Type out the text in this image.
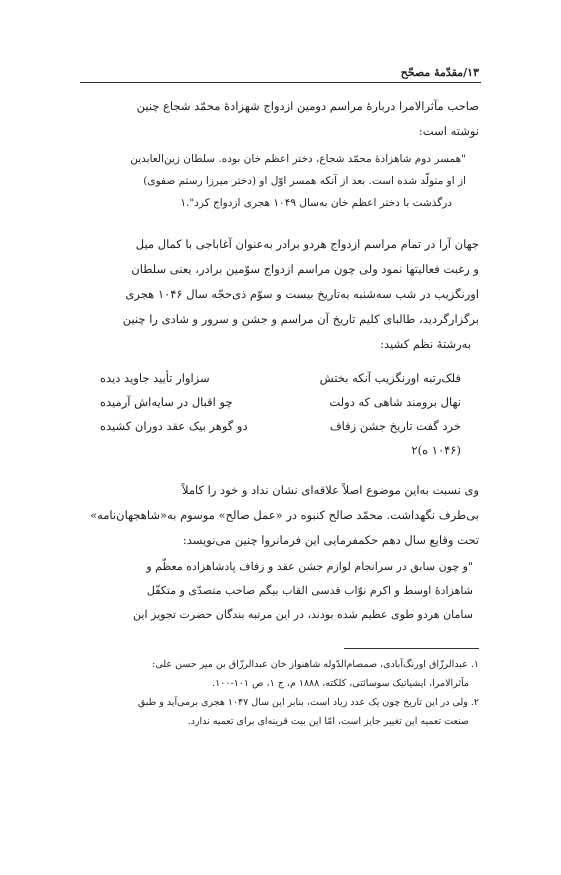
۱۳/مقدّمهٔ مصحّح

صاحب مآثرالامرا دربارهٔ مراسم دومین ازدواج شهزادهٔ محمّد شجاع چنین

نوشته است:

"همسر دوم شاهزادهٔ محمّد شجاع، دختر اعظم خان بوده. سلطان زین‌العابدین

از او متولّد شده است. بعد از آنکه همسر اوّل او (دختر میرزا رستم صفوی)

درگذشت با دختر اعظم خان به‌سال ۱۰۴۹ هجری ازدواج کرد".۱

جهان آرا در تمام مراسم ازدواج هردو برادر به‌عنوان آغاباجی با کمال میل

و رغبت فعالیتها نمود ولی چون مراسم ازدواج سوّمین برادر، یعنی سلطان

اورنگزیب در شب سه‌شنبه به‌تاریخ بیست و سوّم ذی‌حجّه سال ۱۰۴۶ هجری

برگزارگردید، طالبای کلیم تاریخ آن مراسم و جشن و سرور و شادی را چنین

به‌رشتهٔ نظم کشید:

فلک‌رتبه اورنگزیب آنکه بختش
سزاوار تأیید جاوید دیده
نهال برومند شاهی که دولت
چو اقبال در سایه‌اش آرمیده
خرد گفت تاریخ جشن زفاف
دو گوهر بیک عقد دوران کشیده
(۱۰۴۶ ه)۲

وی نسبت به‌این موضوع اصلاً علاقه‌ای نشان نداد و خود را کاملاً

بی‌طرف نگهداشت. محمّد صالح کنبوه در «عمل صالح» موسوم به«شاهجهان‌نامه»

تحت وقایع سال دهم حکمفرمایی این فرمانروا چنین می‌نویسد:

"و چون سابق در سرانجام لوازم جشن عقد و زفاف پادشاهزاده معظّم و

شاهزادهٔ اوسط و اکرم نوّاب قدسی القاب بیگم صاحب متصدّی و متکفّل

سامان هردو طوی عظیم شده بودند، در این مرتبه بندگان حضرت تجویز این

۱. عبدالرزّاق اورنگ‌آبادی، صمصام‌الدّوله شاهنواز خان عبدالرزّاق بن میر حسن علی:

مآثرالامرا، ایشیاتیک سوسائتی، کلکته، ۱۸۸۸ م، ج ۱، ص ۱۰۱-۱۰۰.

۲. ولی در این تاریخ چون یک عدد زیاد است، بنابر این سال ۱۰۴۷ هجری برمی‌آید و طبق

صنعت تعمیه این تغییر جایز است، امّا این بیت قرینه‌ای برای تعمیه ندارد.
